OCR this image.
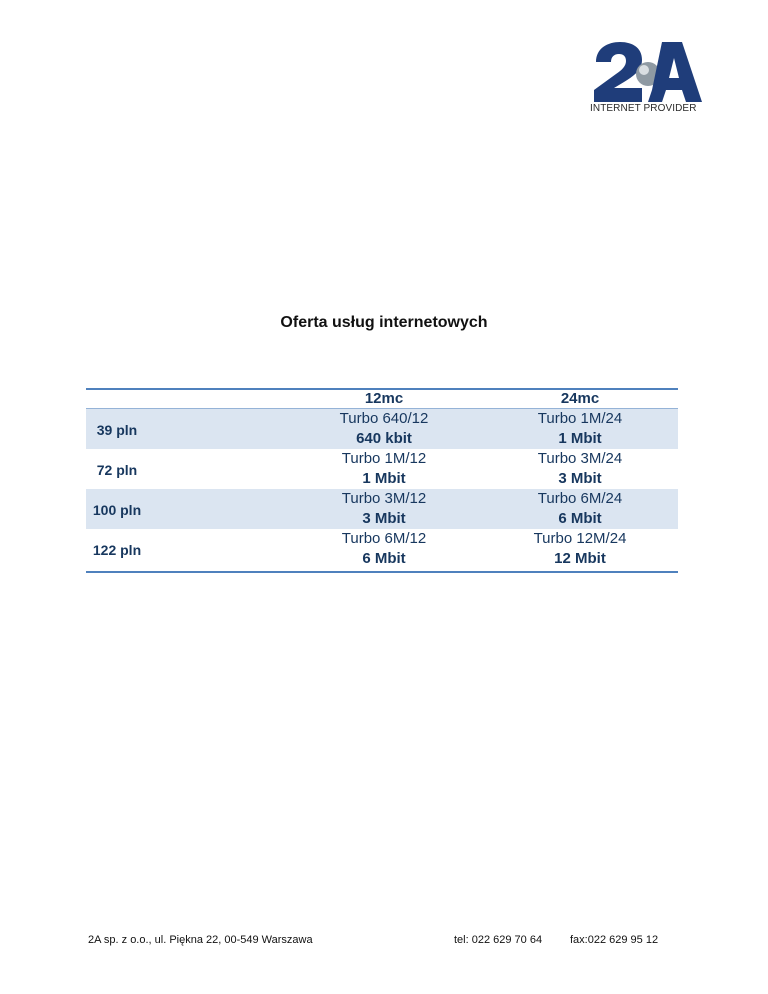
INTERNET PROVIDER
Oferta usług internetowych
39 pln
72 pln
100 pln
122 pln
12mc
Turbo 640/12
640 kbit
Turbo 1M/12
1 Mbit
Turbo 3M/12
3 Mbit
Turbo 6M/12
6 Mbit
24mc
Turbo 1M/24
1 Mbit
Turbo 3M/24
3 Mbit
Turbo 6M/24
6 Mbit
Turbo 12M/24
12 Mbit
2A sp. z o.o., ul. Piękna 22, 00-549 Warszawa	tel: 022 629 70 64	fax:022 629 95 12
